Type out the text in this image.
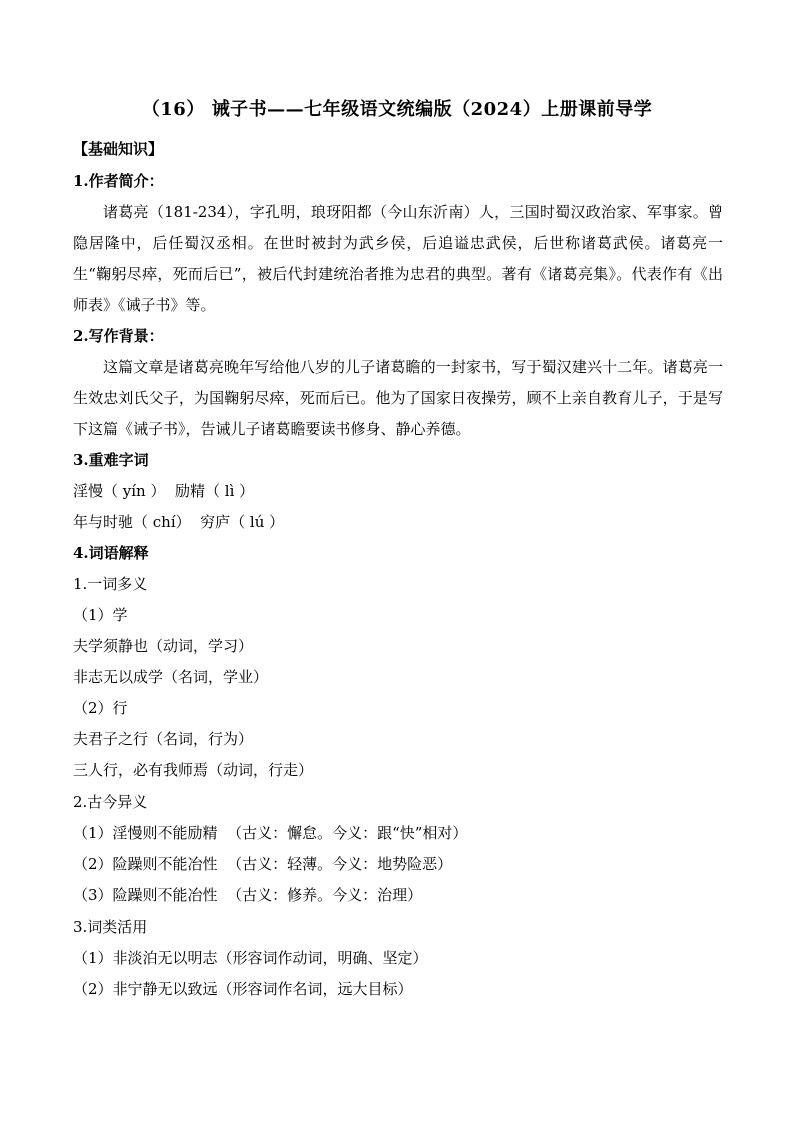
（16） 诫子书——七年级语文统编版（2024）上册课前导学
【基础知识】
1.作者简介：
诸葛亮（181-234），字孔明，琅玡阳都（今山东沂南）人，三国时蜀汉政治家、军事家。曾隐居隆中，后任蜀汉丞相。在世时被封为武乡侯，后追谥忠武侯，后世称诸葛武侯。诸葛亮一生“鞠躬尽瘁，死而后已”，被后代封建统治者推为忠君的典型。著有《诸葛亮集》。代表作有《出师表》《诫子书》等。
2.写作背景：
这篇文章是诸葛亮晚年写给他八岁的儿子诸葛瞻的一封家书，写于蜀汉建兴十二年。诸葛亮一生效忠刘氏父子，为国鞠躬尽瘁，死而后已。他为了国家日夜操劳，顾不上亲自教育儿子，于是写下这篇《诫子书》，告诫儿子诸葛瞻要读书修身、静心养德。
3.重难字词
淫慢（ yín ）  励精（ lì ）
年与时驰（ chí）  穷庐（ lú ）
4.词语解释
1.一词多义
（1）学
夫学须静也（动词，学习）
非志无以成学（名词，学业）
（2）行
夫君子之行（名词，行为）
三人行，必有我师焉（动词，行走）
2.古今异义
（1）淫慢则不能励精  （古义：懈怠。今义：跟“快”相对）
（2）险躁则不能冶性  （古义：轻薄。今义：地势险恶）
（3）险躁则不能冶性  （古义：修养。今义：治理）
3.词类活用
（1）非淡泊无以明志（形容词作动词，明确、坚定）
（2）非宁静无以致远（形容词作名词，远大目标）
